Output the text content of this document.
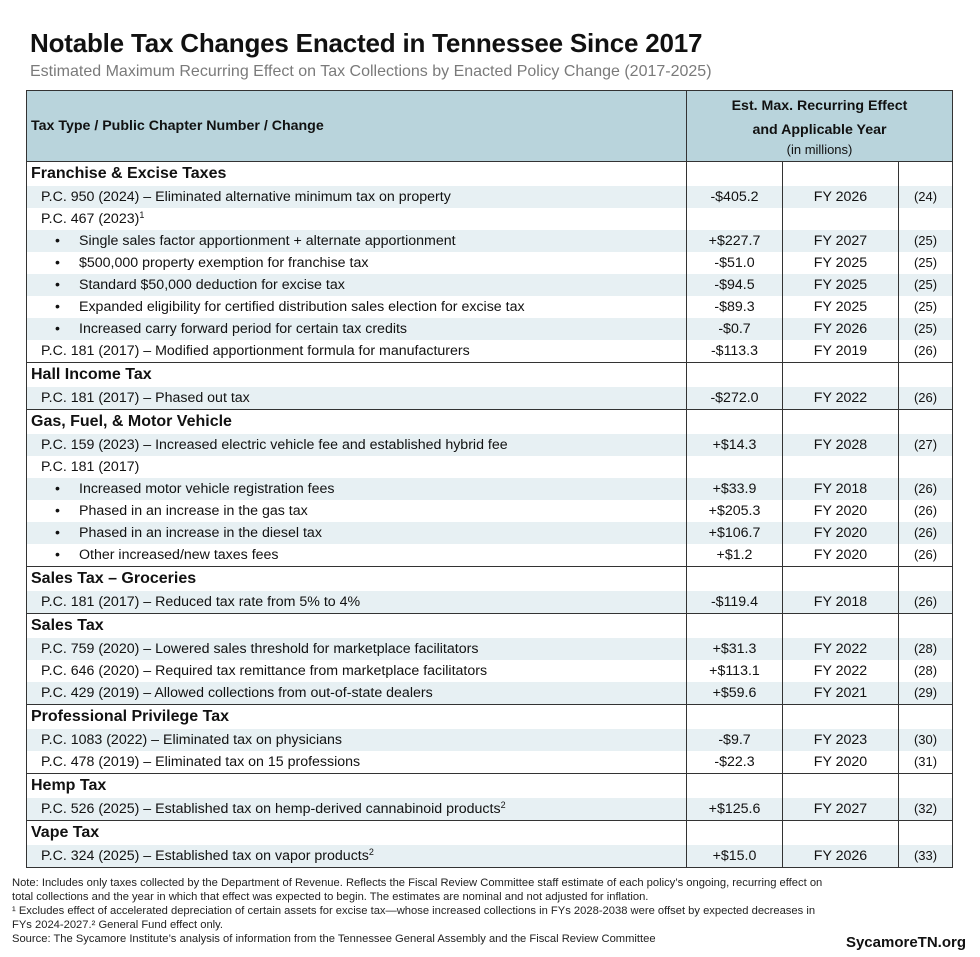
Notable Tax Changes Enacted in Tennessee Since 2017
Estimated Maximum Recurring Effect on Tax Collections by Enacted Policy Change (2017-2025)
Tax Type / Public Chapter Number / Change	Est. Max. Recurring Effect
and Applicable Year
(in millions)		

Franchise & Excise Taxes			
P.C. 950 (2024) – Eliminated alternative minimum tax on property	-$405.2	FY 2026	(24)
P.C. 467 $(2023)^1$			
• Single sales factor apportionment + alternate apportionment	+$227.7	FY 2027	(25)
• $500,000 property exemption for franchise tax	-$51.0	FY 2025	(25)
• Standard $50,000 deduction for excise tax	-$94.5	FY 2025	(25)
• Expanded eligibility for certified distribution sales election for excise tax	-$89.3	FY 2025	(25)
• Increased carry forward period for certain tax credits	-$0.7	FY 2026	(25)
P.C. 181 (2017) – Modified apportionment formula for manufacturers	-$113.3	FY 2019	(26)
Hall Income Tax			
P.C. 181 (2017) – Phased out tax	-$272.0	FY 2022	(26)
Gas, Fuel, & Motor Vehicle			
P.C. 159 (2023) – Increased electric vehicle fee and established hybrid fee	+$14.3	FY 2028	(27)
P.C. 181 (2017)			
• Increased motor vehicle registration fees	+$33.9	FY 2018	(26)
• Phased in an increase in the gas tax	+$205.3	FY 2020	(26)
• Phased in an increase in the diesel tax	+$106.7	FY 2020	(26)
• Other increased/new taxes fees	+$1.2	FY 2020	(26)
Sales Tax – Groceries			
P.C. 181 (2017) – Reduced tax rate from 5% to 4%	-$119.4	FY 2018	(26)
Sales Tax			
P.C. 759 (2020) – Lowered sales threshold for marketplace facilitators	+$31.3	FY 2022	(28)
P.C. 646 (2020) – Required tax remittance from marketplace facilitators	+$113.1	FY 2022	(28)
P.C. 429 (2019) – Allowed collections from out-of-state dealers	+$59.6	FY 2021	(29)
Professional Privilege Tax			
P.C. 1083 (2022) – Eliminated tax on physicians	-$9.7	FY 2023	(30)
P.C. 478 (2019) – Eliminated tax on 15 professions	-$22.3	FY 2020	(31)
Hemp Tax			
P.C. 526 (2025) – Established tax on hemp-derived cannabinoid products$^2$	+$125.6	FY 2027	(32)
Vape Tax			
P.C. 324 (2025) – Established tax on vapor products$^2$	+$15.0	FY 2026	(33)
Note: Includes only taxes collected by the Department of Revenue. Reflects the Fiscal Review Committee staff estimate of each policy’s ongoing, recurring effect on
total collections and the year in which that effect was expected to begin. The estimates are nominal and not adjusted for inflation.
¹ Excludes effect of accelerated depreciation of certain assets for excise tax—whose increased collections in FYs 2028-2038 were offset by expected decreases in
FYs 2024-2027.² General Fund effect only.
Source: The Sycamore Institute’s analysis of information from the Tennessee General Assembly and the Fiscal Review Committee	SycamoreTN.org
